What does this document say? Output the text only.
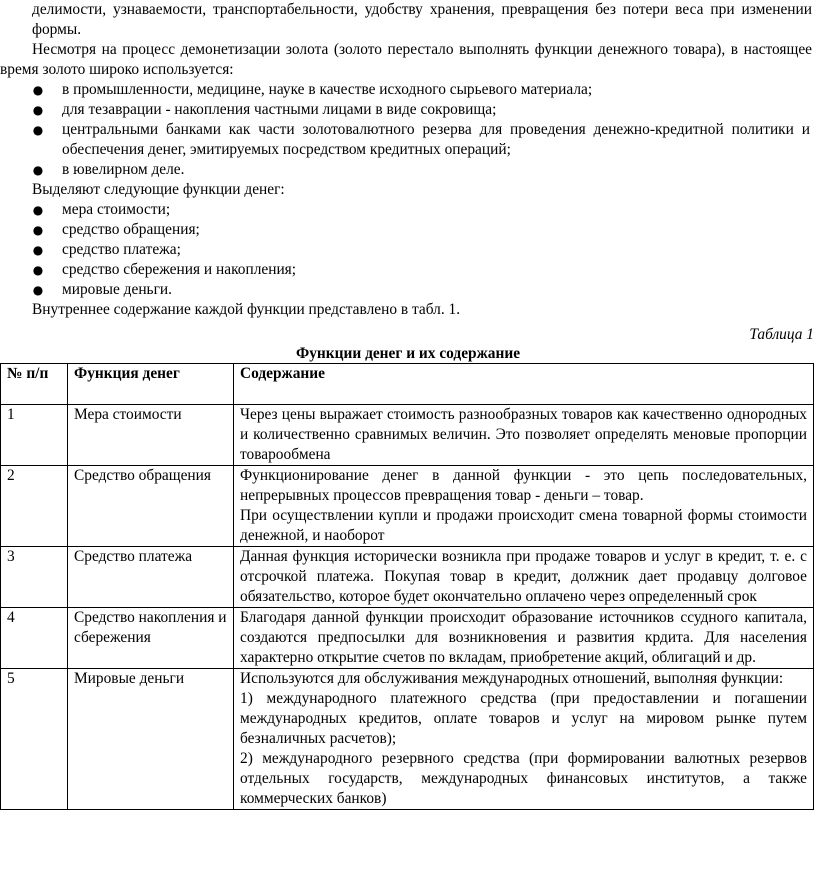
делимости, узнаваемости, транспортабельности, удобству хранения, превращения без потери веса при изменении формы.

Несмотря на процесс демонетизации золота (золото перестало выполнять функции денежного товара), в настоящее время золото широко используется:

● в промышленности, медицине, науке в качестве исходного сырьевого материала;
● для тезаврации - накопления частными лицами в виде сокровища;
● центральными банками как части золотовалютного резерва для проведения денежно-кредитной политики и обеспечения денег, эмитируемых посредством кредитных операций;
● в ювелирном деле.

Выделяют следующие функции денег:

● мера стоимости;
● средство обращения;
● средство платежа;
● средство сбережения и накопления;
● мировые деньги.

Внутреннее содержание каждой функции представлено в табл. 1.

Таблица 1
Функции денег и их содержание
№ п/п	Функция денег	Содержание
1	Мера стоимости	Через цены выражает стоимость разнообразных товаров как качественно однородных и количественно сравнимых величин. Это позволяет определять меновые пропорции товарообмена

2	Средство обращения	Функционирование денег в данной функции - это цепь последовательных, непрерывных процессов превращения товар - деньги – товар.
При осуществлении купли и продажи происходит смена товарной формы стоимости денежной, и наоборот

3	Средство платежа	Данная функция исторически возникла при продаже товаров и услуг в кредит, т. е. с отсрочкой платежа. Покупая товар в кредит, должник дает продавцу долговое обязательство, которое будет окончательно оплачено через определенный срок

4	Средство накопления и сбережения	Благодаря данной функции происходит образование источников ссудного капитала, создаются предпосылки для возникновения и развития крдита. Для населения характерно открытие счетов по вкладам, приобретение акций, облигаций и др.

5	Мировые деньги	Используются для обслуживания международных отношений, выполняя функции:
1) международного платежного средства (при предоставлении и погашении международных кредитов, оплате товаров и услуг на мировом рынке путем безналичных расчетов);
2) международного резервного средства (при формировании валютных резервов отдельных государств, международных финансовых институтов, а также коммерческих банков)
